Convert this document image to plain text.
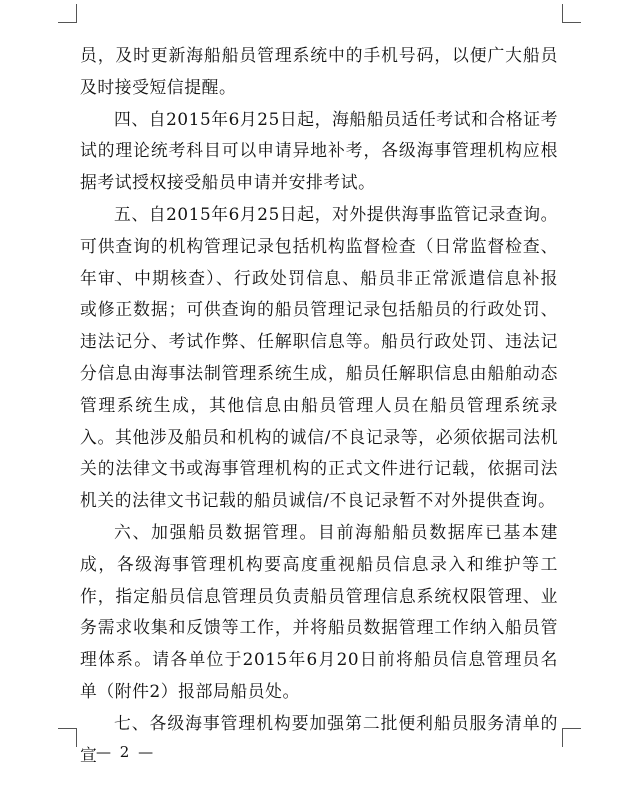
员，及时更新海船船员管理系统中的手机号码，以便广大船员及时接受短信提醒。

四、自2015年6月25日起，海船船员适任考试和合格证考试的理论统考科目可以申请异地补考，各级海事管理机构应根据考试授权接受船员申请并安排考试。

五、自2015年6月25日起，对外提供海事监管记录查询。可供查询的机构管理记录包括机构监督检查（日常监督检查、年审、中期核查）、行政处罚信息、船员非正常派遣信息补报或修正数据；可供查询的船员管理记录包括船员的行政处罚、违法记分、考试作弊、任解职信息等。船员行政处罚、违法记分信息由海事法制管理系统生成，船员任解职信息由船舶动态管理系统生成，其他信息由船员管理人员在船员管理系统录入。其他涉及船员和机构的诚信/不良记录等，必须依据司法机关的法律文书或海事管理机构的正式文件进行记载，依据司法机关的法律文书记载的船员诚信/不良记录暂不对外提供查询。

六、加强船员数据管理。目前海船船员数据库已基本建成，各级海事管理机构要高度重视船员信息录入和维护等工作，指定船员信息管理员负责船员管理信息系统权限管理、业务需求收集和反馈等工作，并将船员数据管理工作纳入船员管理体系。请各单位于2015年6月20日前将船员信息管理员名单（附件2）报部局船员处。

七、各级海事管理机构要加强第二批便利船员服务清单的宣

— 2 —
